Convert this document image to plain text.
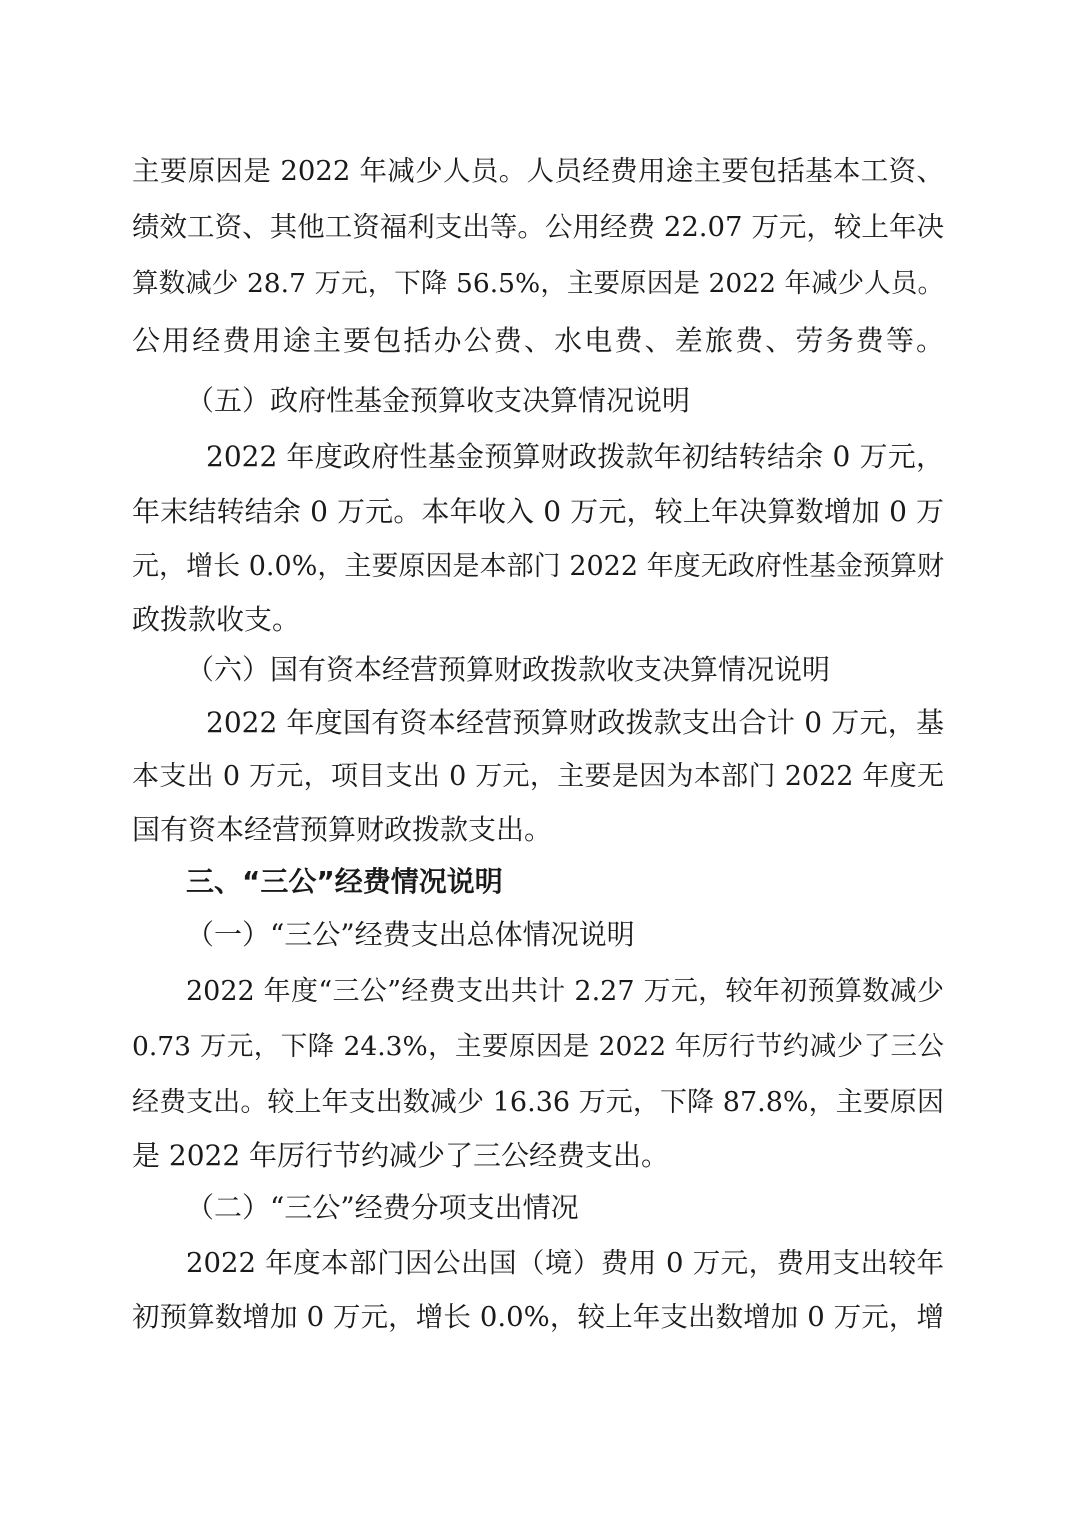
主要原因是 2022 年减少人员。人员经费用途主要包括基本工资、
绩效工资、其他工资福利支出等。公用经费 22.07 万元，较上年决
算数减少 28.7 万元，下降 56.5%，主要原因是 2022 年减少人员。
公用经费用途主要包括办公费、水电费、差旅费、劳务费等。
（五）政府性基金预算收支决算情况说明
2022 年度政府性基金预算财政拨款年初结转结余 0 万元，
年末结转结余 0 万元。本年收入 0 万元，较上年决算数增加 0 万
元，增长 0.0%，主要原因是本部门 2022 年度无政府性基金预算财
政拨款收支。
（六）国有资本经营预算财政拨款收支决算情况说明
2022 年度国有资本经营预算财政拨款支出合计 0 万元，基
本支出 0 万元，项目支出 0 万元，主要是因为本部门 2022 年度无
国有资本经营预算财政拨款支出。
三、“三公”经费情况说明
（一）“三公”经费支出总体情况说明
2022 年度“三公”经费支出共计 2.27 万元，较年初预算数减少
0.73 万元，下降 24.3%，主要原因是 2022 年厉行节约减少了三公
经费支出。较上年支出数减少 16.36 万元，下降 87.8%，主要原因
是 2022 年厉行节约减少了三公经费支出。
（二）“三公”经费分项支出情况
2022 年度本部门因公出国（境）费用 0 万元，费用支出较年
初预算数增加 0 万元，增长 0.0%，较上年支出数增加 0 万元，增
